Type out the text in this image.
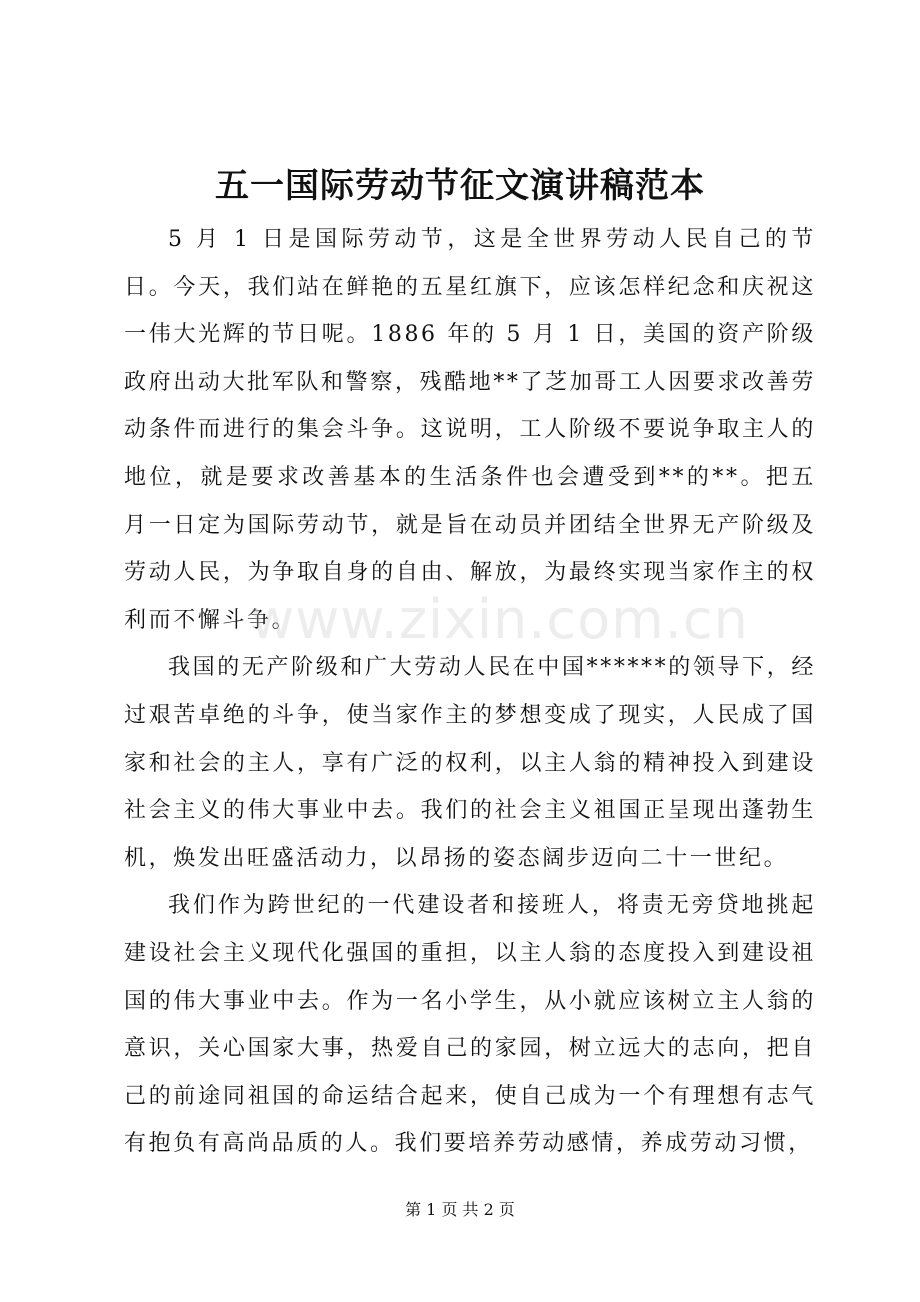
五一国际劳动节征文演讲稿范本

5 月 1 日是国际劳动节，这是全世界劳动人民自己的节日。今天，我们站在鲜艳的五星红旗下，应该怎样纪念和庆祝这一伟大光辉的节日呢。1886 年的 5 月 1 日，美国的资产阶级政府出动大批军队和警察，残酷地**了芝加哥工人因要求改善劳动条件而进行的集会斗争。这说明，工人阶级不要说争取主人的地位，就是要求改善基本的生活条件也会遭受到**的**。把五月一日定为国际劳动节，就是旨在动员并团结全世界无产阶级及劳动人民，为争取自身的自由、解放，为最终实现当家作主的权利而不懈斗争。

我国的无产阶级和广大劳动人民在中国******的领导下，经过艰苦卓绝的斗争，使当家作主的梦想变成了现实，人民成了国家和社会的主人，享有广泛的权利，以主人翁的精神投入到建设社会主义的伟大事业中去。我们的社会主义祖国正呈现出蓬勃生机，焕发出旺盛活动力，以昂扬的姿态阔步迈向二十一世纪。

我们作为跨世纪的一代建设者和接班人，将责无旁贷地挑起建设社会主义现代化强国的重担，以主人翁的态度投入到建设祖国的伟大事业中去。作为一名小学生，从小就应该树立主人翁的意识，关心国家大事，热爱自己的家园，树立远大的志向，把自己的前途同祖国的命运结合起来，使自己成为一个有理想有志气有抱负有高尚品质的人。我们要培养劳动感情，养成劳动习惯，

www.zixin.com.cn
第 1 页 共 2 页
